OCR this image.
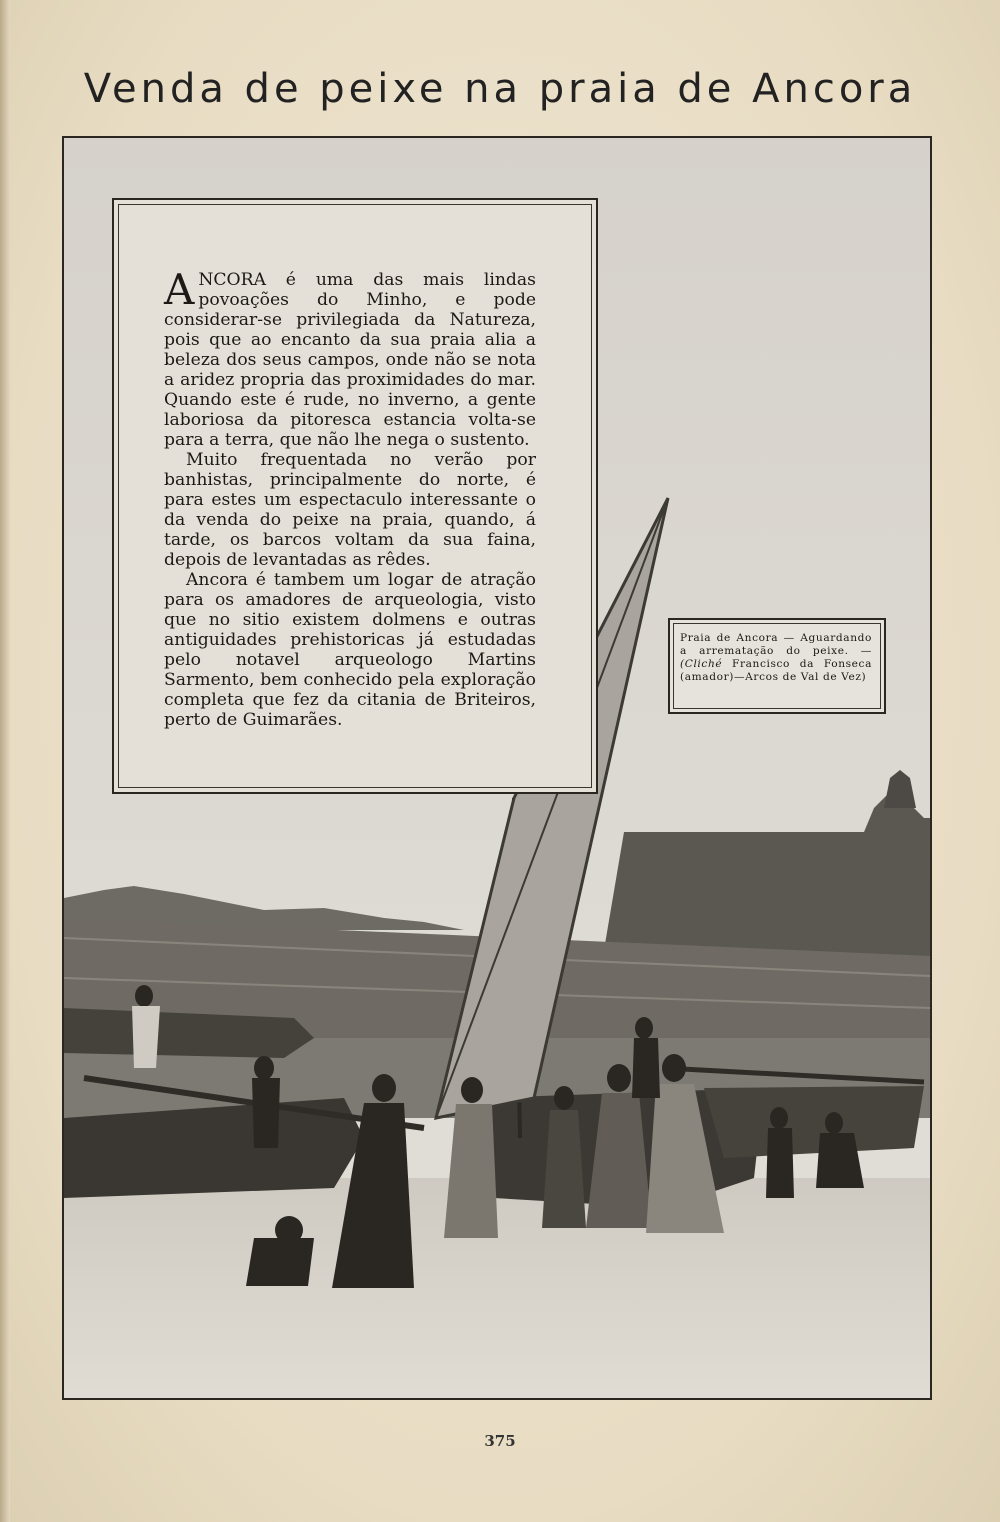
Venda de peixe na praia de Ancora

ANCORA é uma das mais lindas povoações do Minho, e pode considerar-se privilegiada da Natureza, pois que ao encanto da sua praia alia a beleza dos seus campos, onde não se nota a aridez propria das proximidades do mar. Quando este é rude, no inverno, a gente laboriosa da pitoresca estancia volta-se para a terra, que não lhe nega o sustento.

Muito frequentada no verão por banhistas, principalmente do norte, é para estes um espectaculo interessante o da venda do peixe na praia, quando, á tarde, os barcos voltam da sua faina, depois de levantadas as rêdes.

Ancora é tambem um logar de atração para os amadores de arqueologia, visto que no sitio existem dolmens e outras antiguidades prehistoricas já estudadas pelo notavel arqueologo Martins Sarmento, bem conhecido pela exploração completa que fez da citania de Briteiros, perto de Guimarães.

Praia de Ancora — Aguardando a arrematação do peixe. — (Cliché Francisco da Fonseca (amador)—Arcos de Val de Vez)
375
